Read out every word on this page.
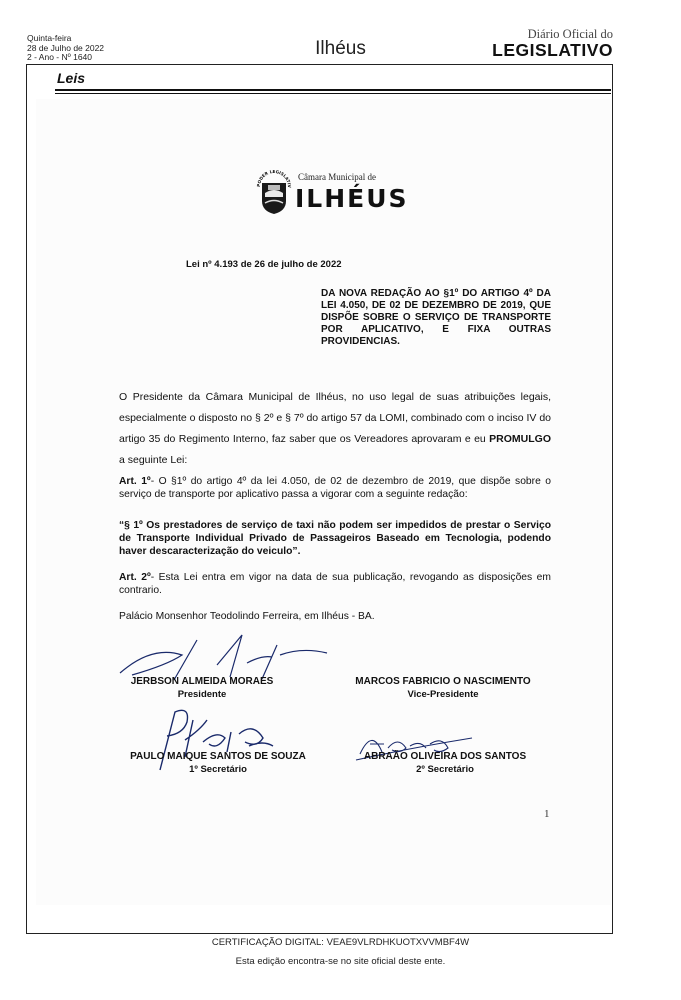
Quinta-feira
28 de Julho de 2022
2 - Ano - Nº 1640	Ilhéus
Diário Oficial do
LEGISLATIVO
Leis
PODER LEGISLATIV
Câmara Municipal de
ILHÉUS
Lei nº 4.193 de 26 de julho de 2022
DA NOVA REDAÇÃO AO §1º DO ARTIGO 4º DA LEI 4.050, DE 02 DE DEZEMBRO DE 2019, QUE DISPÕE SOBRE O SERVIÇO DE TRANSPORTE POR APLICATIVO, E FIXA OUTRAS PROVIDENCIAS.
O Presidente da Câmara Municipal de Ilhéus, no uso legal de suas atribuições legais, especialmente o disposto no § 2º e § 7º do artigo 57 da LOMI, combinado com o inciso IV do artigo 35 do Regimento Interno, faz saber que os Vereadores aprovaram e eu PROMULGO a seguinte Lei:
Art. 1º- O §1º do artigo 4º da lei 4.050, de 02 de dezembro de 2019, que dispõe sobre o serviço de transporte por aplicativo passa a vigorar com a seguinte redação:
“§ 1º Os prestadores de serviço de taxi não podem ser impedidos de prestar o Serviço de Transporte Individual Privado de Passageiros Baseado em Tecnologia, podendo haver descaracterização do veiculo”.
Art. 2º- Esta Lei entra em vigor na data de sua publicação, revogando as disposições em contrario.
Palácio Monsenhor Teodolindo Ferreira, em Ilhéus - BA.
JERBSON ALMEIDA MORAES
Presidente
MARCOS FABRICIO O NASCIMENTO
Vice-Presidente
PAULO MAIQUE SANTOS DE SOUZA
1º Secretário
ABRAÃO OLIVEIRA DOS SANTOS
2º Secretário
1
CERTIFICAÇÃO DIGITAL: VEAE9VLRDHKUOTXVVMBF4W
Esta edição encontra-se no site oficial deste ente.
